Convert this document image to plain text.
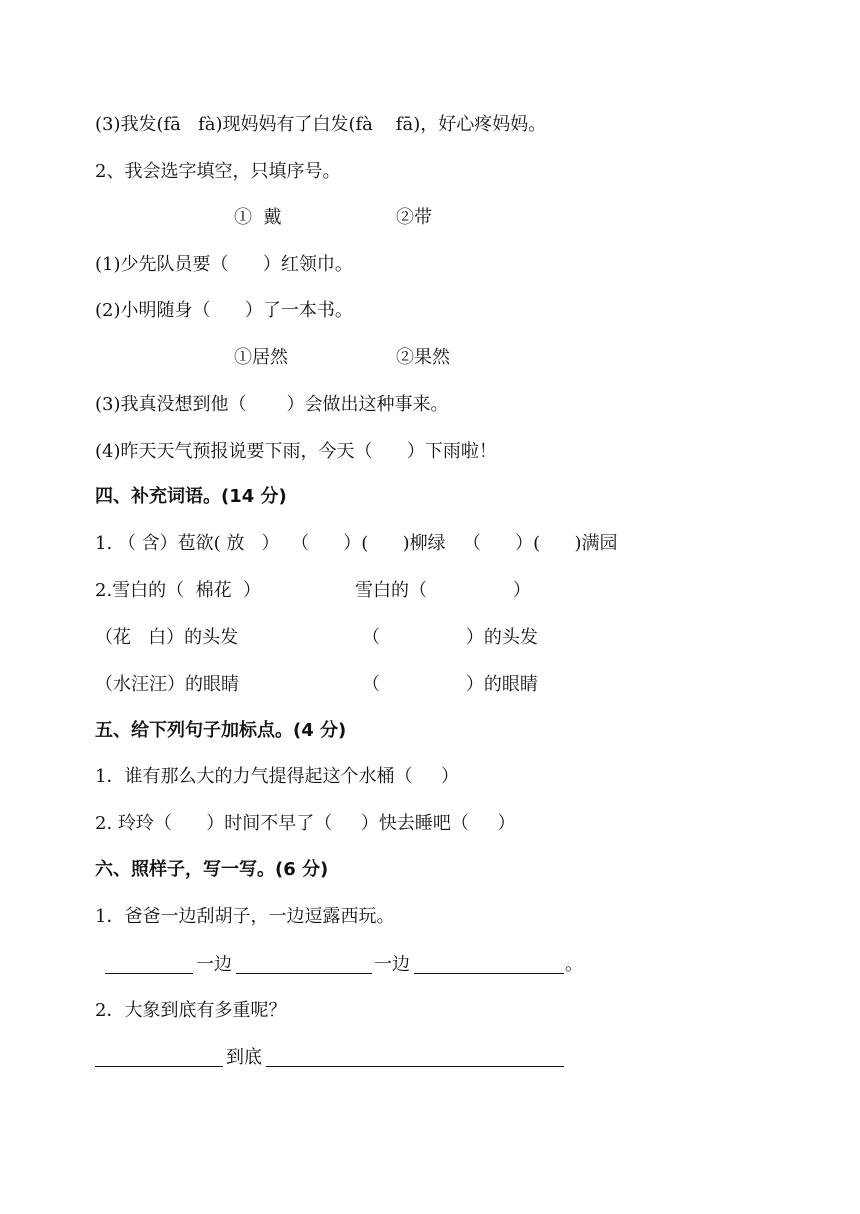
(3)我发(fā   fà)现妈妈有了白发(fà    fā)，好心疼妈妈。
2、我会选字填空，只填序号。
①  戴	②带
(1)少先队员要（      ）红领巾。
(2)小明随身（      ）了一本书。
①居然	②果然
(3)我真没想到他（       ）会做出这种事来。
(4)昨天天气预报说要下雨，今天（      ）下雨啦！
四、补充词语。(14 分)
1. （ 含）苞欲( 放   ）  （      ）(      )柳绿   （      ）(      )满园
2.雪白的（  棉花  ）	雪白的（               ）
（花   白）的头发	（               ）的头发
（水汪汪）的眼睛	（               ）的眼睛
五、给下列句子加标点。(4 分)
1．谁有那么大的力气提得起这个水桶（     ）
2. 玲玲（      ）时间不早了（     ）快去睡吧（     ）
六、照样子，写一写。(6 分)
1．爸爸一边刮胡子，一边逗露西玩。
一边	一边	。
2．大象到底有多重呢？
到底
